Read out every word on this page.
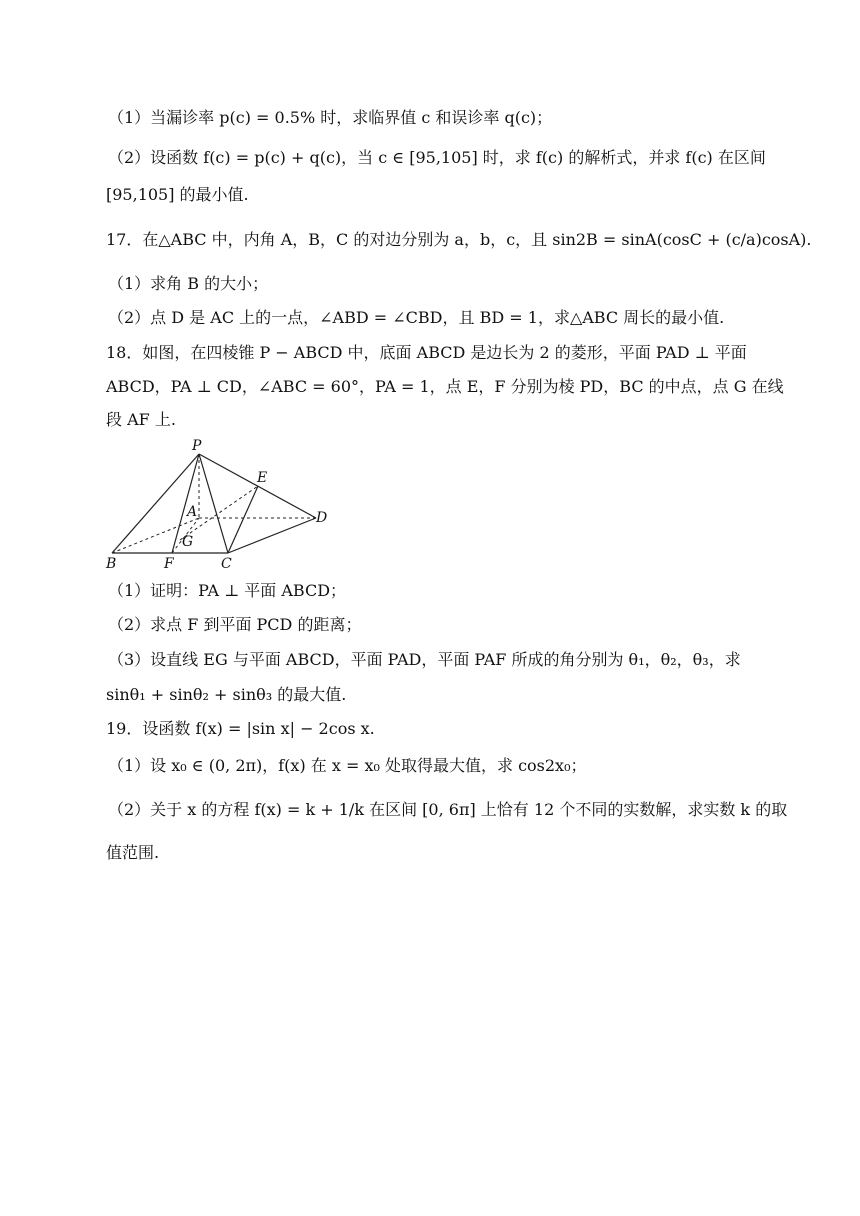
（1）当漏诊率 p(c) = 0.5% 时，求临界值 c 和误诊率 q(c)；
（2）设函数 f(c) = p(c) + q(c)，当 c ∈ [95,105] 时，求 f(c) 的解析式，并求 f(c) 在区间
[95,105] 的最小值.
17．在△ABC 中，内角 A，B，C 的对边分别为 a，b，c，且 sin2B = sinA(cosC + (c/a)cosA).
（1）求角 B 的大小；
（2）点 D 是 AC 上的一点，∠ABD = ∠CBD，且 BD = 1，求△ABC 周长的最小值.
18．如图，在四棱锥 P − ABCD 中，底面 ABCD 是边长为 2 的菱形，平面 PAD ⊥ 平面
ABCD，PA ⊥ CD，∠ABC = 60°，PA = 1，点 E，F 分别为棱 PD，BC 的中点，点 G 在线
段 AF 上.
P
E
A	D
G
B	F	C
（1）证明：PA ⊥ 平面 ABCD；
（2）求点 F 到平面 PCD 的距离；
（3）设直线 EG 与平面 ABCD，平面 PAD，平面 PAF 所成的角分别为 θ₁，θ₂，θ₃，求
sinθ₁ + sinθ₂ + sinθ₃ 的最大值.
19．设函数 f(x) = |sin x| − 2cos x.
（1）设 x₀ ∈ (0, 2π)，f(x) 在 x = x₀ 处取得最大值，求 cos2x₀；
（2）关于 x 的方程 f(x) = k + 1/k 在区间 [0, 6π] 上恰有 12 个不同的实数解，求实数 k 的取
值范围.
